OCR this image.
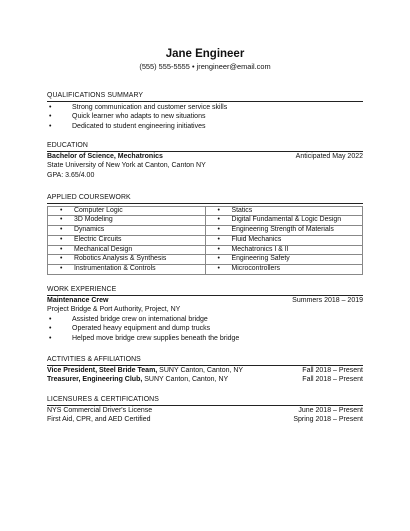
Jane Engineer
(555) 555-5555 • jrengineer@email.com
QUALIFICATIONS SUMMARY
•	Strong communication and customer service skills
•	Quick learner who adapts to new situations
•	Dedicated to student engineering initiatives
EDUCATION
Bachelor of Science, Mechatronics	Anticipated May 2022
State University of New York at Canton, Canton NY
GPA: 3.65/4.00
APPLIED COURSEWORK
• Computer Logic	• Statics
• 3D Modeling	• Digital Fundamental & Logic Design
• Dynamics	• Engineering Strength of Materials
• Electric Circuits	• Fluid Mechanics
• Mechanical Design	• Mechatronics I & II
• Robotics Analysis & Synthesis	• Engineering Safety
• Instrumentation & Controls	• Microcontrollers
WORK EXPERIENCE
Maintenance Crew	Summers 2018 – 2019
Project Bridge & Port Authority, Project, NY
•	Assisted bridge crew on international bridge
•	Operated heavy equipment and dump trucks
•	Helped move bridge crew supplies beneath the bridge
ACTIVITIES & AFFILIATIONS
Vice President, Steel Bride Team, SUNY Canton, Canton, NY	Fall 2018 – Present
Treasurer, Engineering Club, SUNY Canton, Canton, NY	Fall 2018 – Present
LICENSURES & CERTIFICATIONS
NYS Commercial Driver's License	June 2018 – Present
First Aid, CPR, and AED Certified	Spring 2018 – Present
